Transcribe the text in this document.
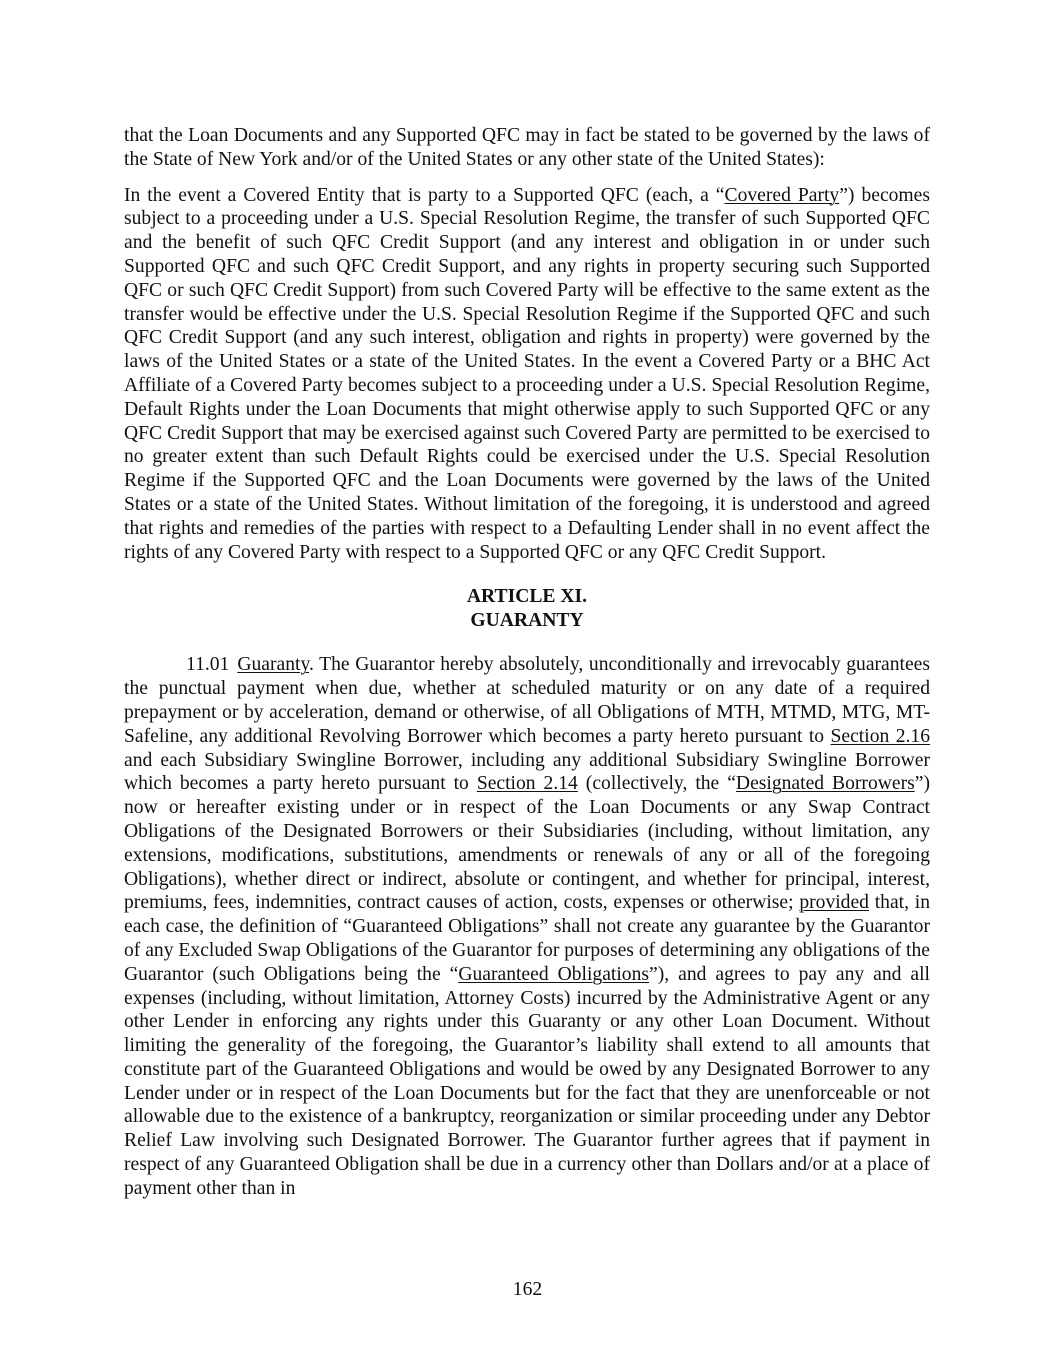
that the Loan Documents and any Supported QFC may in fact be stated to be governed by the laws of the State of New York and/or of the United States or any other state of the United States):

In the event a Covered Entity that is party to a Supported QFC (each, a “Covered Party”) becomes subject to a proceeding under a U.S. Special Resolution Regime, the transfer of such Supported QFC and the benefit of such QFC Credit Support (and any interest and obligation in or under such Supported QFC and such QFC Credit Support, and any rights in property securing such Supported QFC or such QFC Credit Support) from such Covered Party will be effective to the same extent as the transfer would be effective under the U.S. Special Resolution Regime if the Supported QFC and such QFC Credit Support (and any such interest, obligation and rights in property) were governed by the laws of the United States or a state of the United States. In the event a Covered Party or a BHC Act Affiliate of a Covered Party becomes subject to a proceeding under a U.S. Special Resolution Regime, Default Rights under the Loan Documents that might otherwise apply to such Supported QFC or any QFC Credit Support that may be exercised against such Covered Party are permitted to be exercised to no greater extent than such Default Rights could be exercised under the U.S. Special Resolution Regime if the Supported QFC and the Loan Documents were governed by the laws of the United States or a state of the United States. Without limitation of the foregoing, it is understood and agreed that rights and remedies of the parties with respect to a Defaulting Lender shall in no event affect the rights of any Covered Party with respect to a Supported QFC or any QFC Credit Support.

ARTICLE XI.
GUARANTY

11.01 Guaranty. The Guarantor hereby absolutely, unconditionally and irrevocably guarantees the punctual payment when due, whether at scheduled maturity or on any date of a required prepayment or by acceleration, demand or otherwise, of all Obligations of MTH, MTMD, MTG, MT-Safeline, any additional Revolving Borrower which becomes a party hereto pursuant to Section 2.16 and each Subsidiary Swingline Borrower, including any additional Subsidiary Swingline Borrower which becomes a party hereto pursuant to Section 2.14 (collectively, the “Designated Borrowers”) now or hereafter existing under or in respect of the Loan Documents or any Swap Contract Obligations of the Designated Borrowers or their Subsidiaries (including, without limitation, any extensions, modifications, substitutions, amendments or renewals of any or all of the foregoing Obligations), whether direct or indirect, absolute or contingent, and whether for principal, interest, premiums, fees, indemnities, contract causes of action, costs, expenses or otherwise; provided that, in each case, the definition of “Guaranteed Obligations” shall not create any guarantee by the Guarantor of any Excluded Swap Obligations of the Guarantor for purposes of determining any obligations of the Guarantor (such Obligations being the “Guaranteed Obligations”), and agrees to pay any and all expenses (including, without limitation, Attorney Costs) incurred by the Administrative Agent or any other Lender in enforcing any rights under this Guaranty or any other Loan Document. Without limiting the generality of the foregoing, the Guarantor’s liability shall extend to all amounts that constitute part of the Guaranteed Obligations and would be owed by any Designated Borrower to any Lender under or in respect of the Loan Documents but for the fact that they are unenforceable or not allowable due to the existence of a bankruptcy, reorganization or similar proceeding under any Debtor Relief Law involving such Designated Borrower. The Guarantor further agrees that if payment in respect of any Guaranteed Obligation shall be due in a currency other than Dollars and/or at a place of payment other than in

162
